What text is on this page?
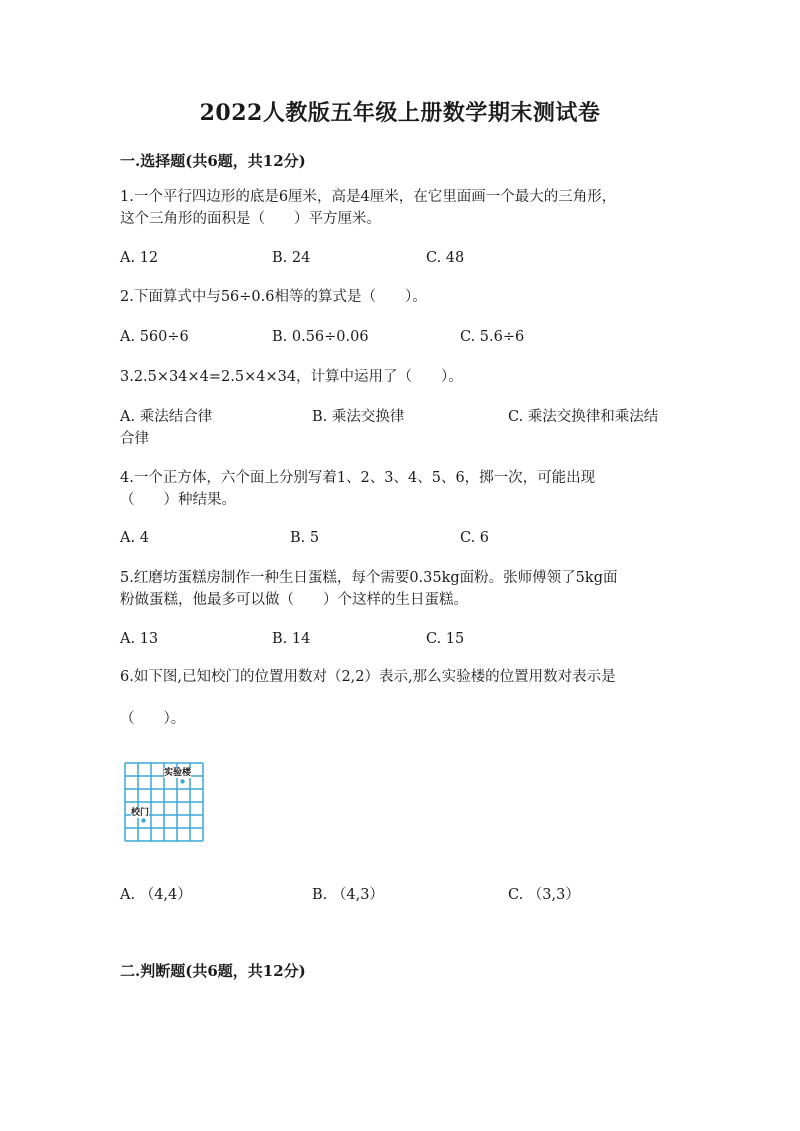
2022人教版五年级上册数学期末测试卷
一.选择题(共6题，共12分)
1.一个平行四边形的底是6厘米，高是4厘米，在它里面画一个最大的三角形，
这个三角形的面积是（　　）平方厘米。
A. 12	B. 24	C. 48
2.下面算式中与56÷0.6相等的算式是（　　）。
A. 560÷6	B. 0.56÷0.06	C. 5.6÷6
3.2.5×34×4=2.5×4×34，计算中运用了（　　）。
A. 乘法结合律	B. 乘法交换律	C. 乘法交换律和乘法结
合律
4.一个正方体，六个面上分别写着1、2、3、4、5、6，掷一次，可能出现
（　　）种结果。
A. 4	B. 5	C. 6
5.红磨坊蛋糕房制作一种生日蛋糕，每个需要0.35kg面粉。张师傅领了5kg面
粉做蛋糕，他最多可以做（　　）个这样的生日蛋糕。
A. 13	B. 14	C. 15
6.如下图,已知校门的位置用数对（2,2）表示,那么实验楼的位置用数对表示是
（　　）。
实验楼
校门
A. （4,4）	B. （4,3）	C. （3,3）
二.判断题(共6题，共12分)
